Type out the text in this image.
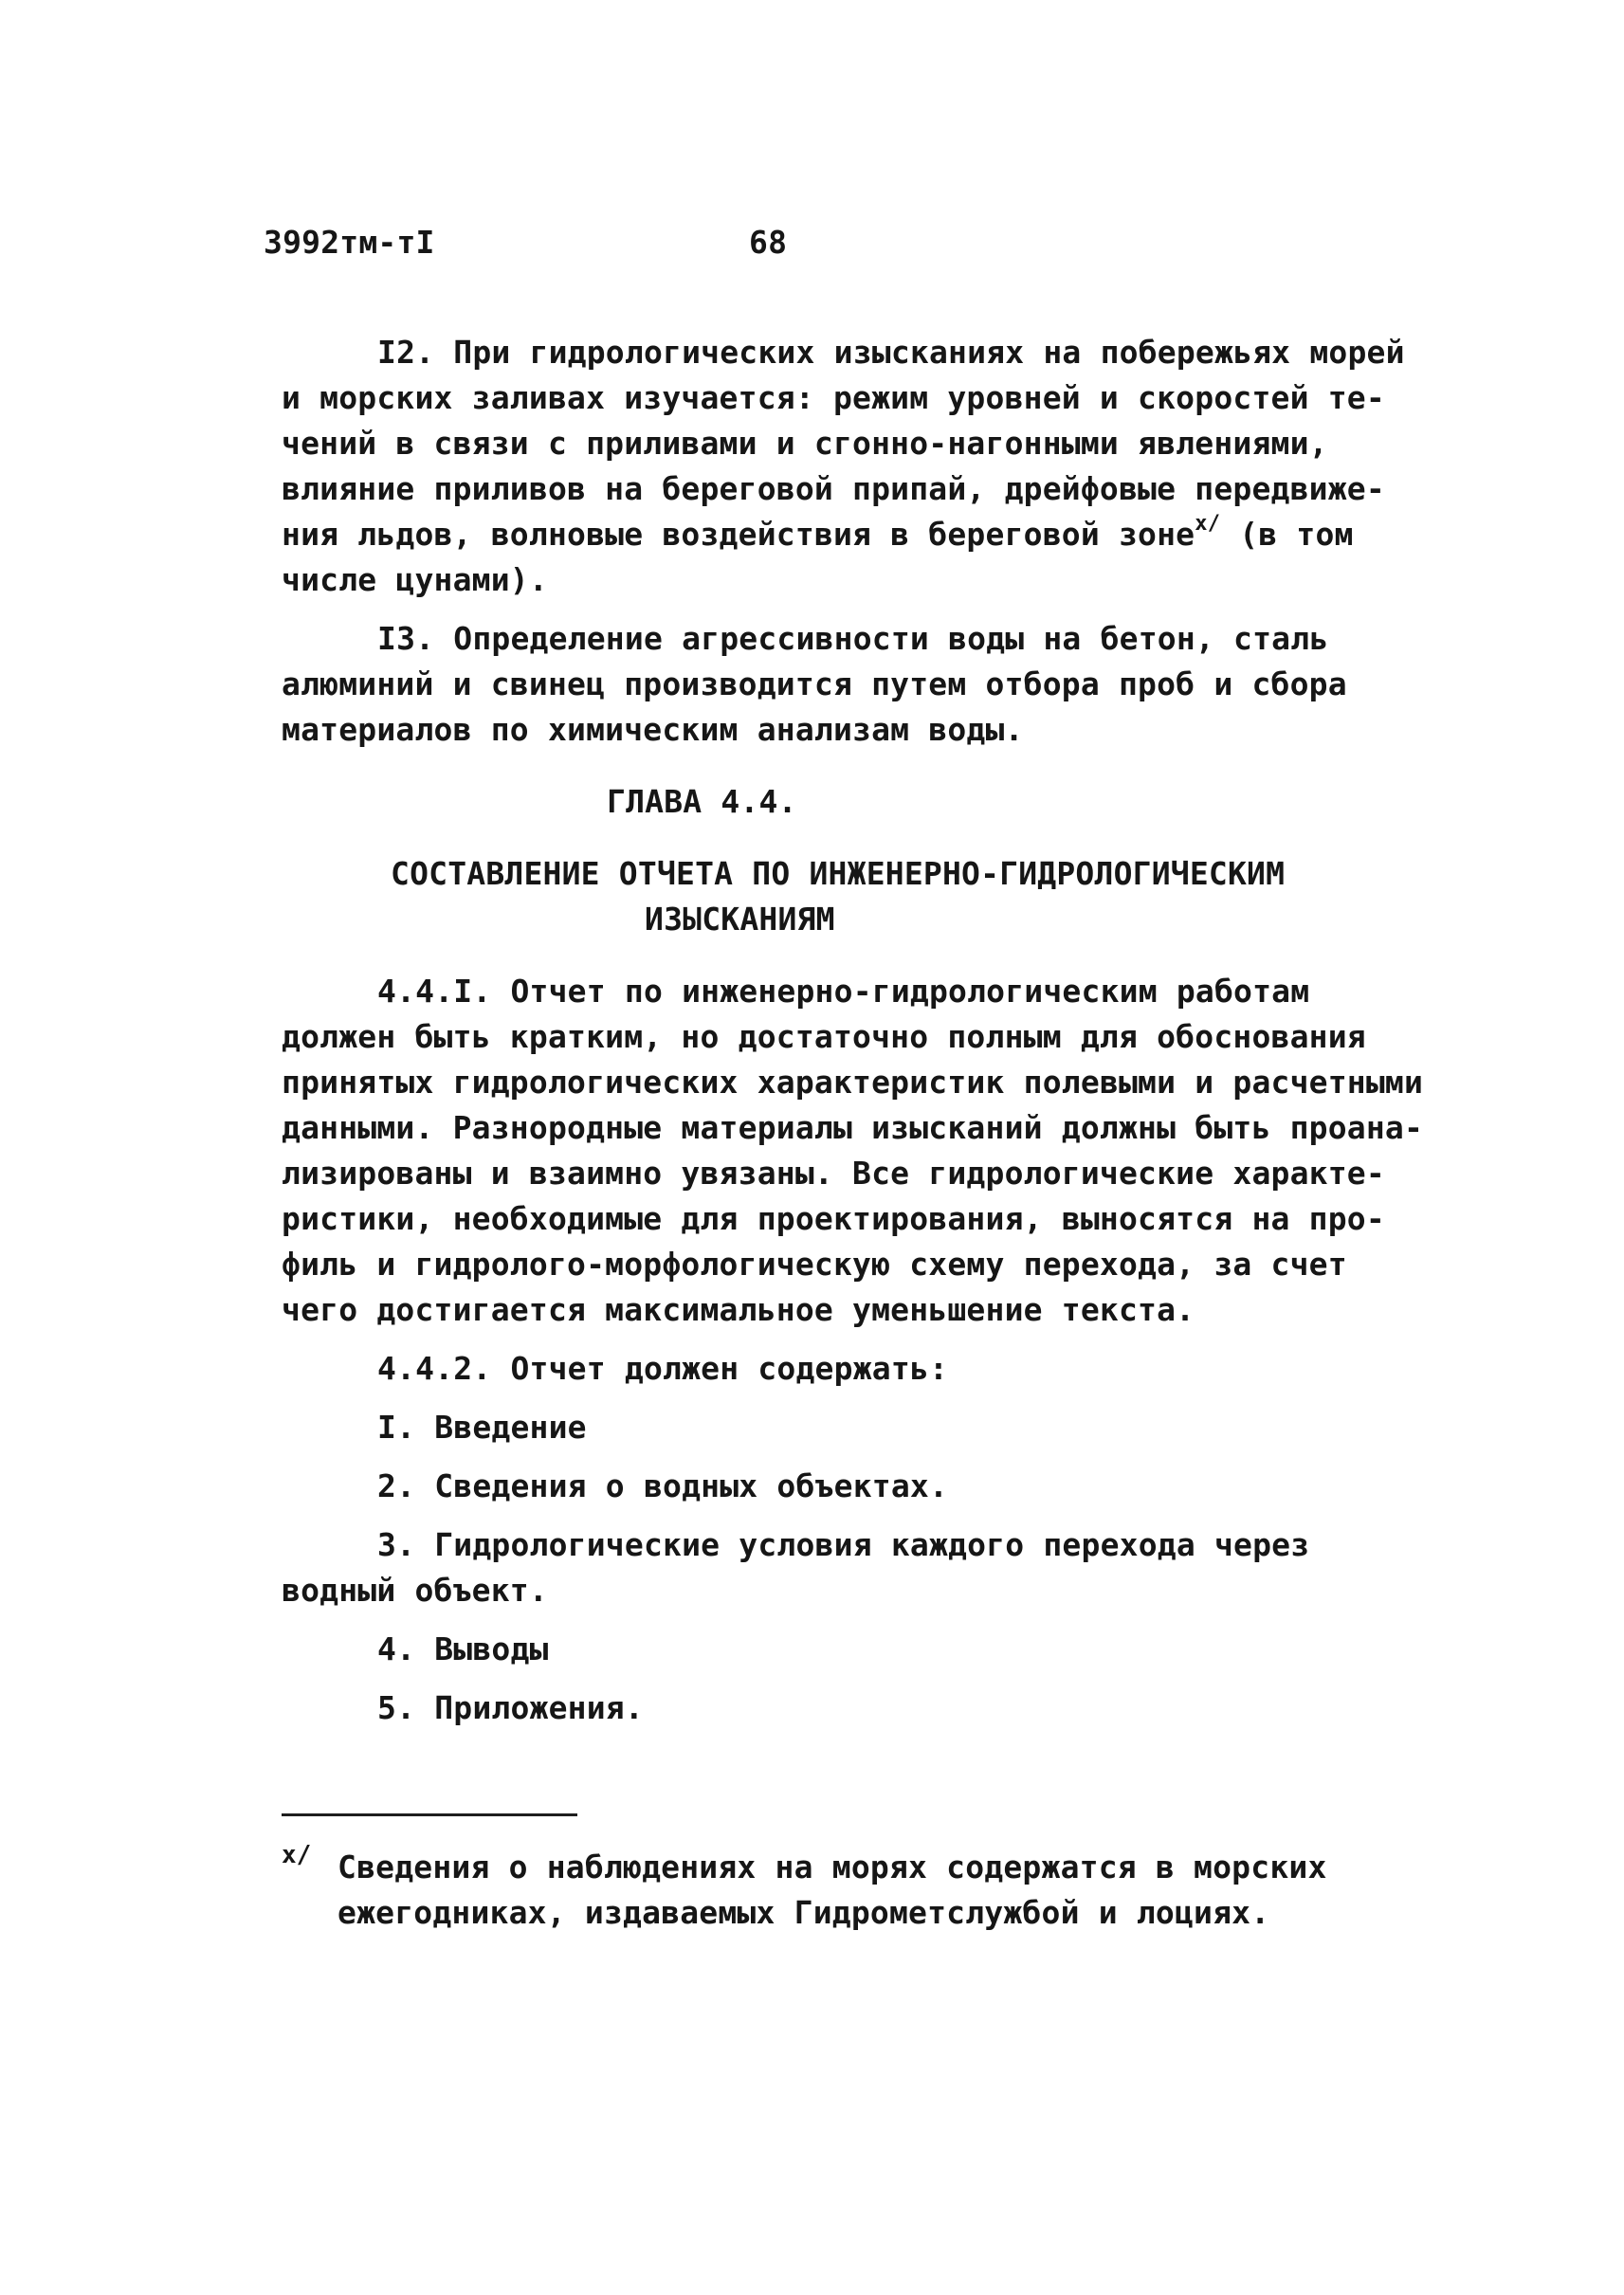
3992тм-тI	68
I2. При гидрологических изысканиях на побережьях морей
и морских заливах изучается: режим уровней и скоростей те-
чений в связи с приливами и сгонно-нагонными явлениями,
влияние приливов на береговой припай, дрейфовые передвиже-
ния льдов, волновые воздействия в береговой зоне$^{x/}$ (в том
числе цунами).
I3. Определение агрессивности воды на бетон, сталь
алюминий и свинец производится путем отбора проб и сбора
материалов по химическим анализам воды.
ГЛАВА 4.4.
СОСТАВЛЕНИЕ ОТЧЕТА ПО ИНЖЕНЕРНО-ГИДРОЛОГИЧЕСКИМ
ИЗЫСКАНИЯМ
4.4.I. Отчет по инженерно-гидрологическим работам
должен быть кратким, но достаточно полным для обоснования
принятых гидрологических характеристик полевыми и расчетными
данными. Разнородные материалы изысканий должны быть проана-
лизированы и взаимно увязаны. Все гидрологические характе-
ристики, необходимые для проектирования, выносятся на про-
филь и гидролого-морфологическую схему перехода, за счет
чего достигается максимальное уменьшение текста.
4.4.2. Отчет должен содержать:
I. Введение
2. Сведения о водных объектах.
3. Гидрологические условия каждого перехода через
водный объект.
4. Выводы
5. Приложения.
x/ Сведения о наблюдениях на морях содержатся в морских
ежегодниках, издаваемых Гидрометслужбой и лоциях.
